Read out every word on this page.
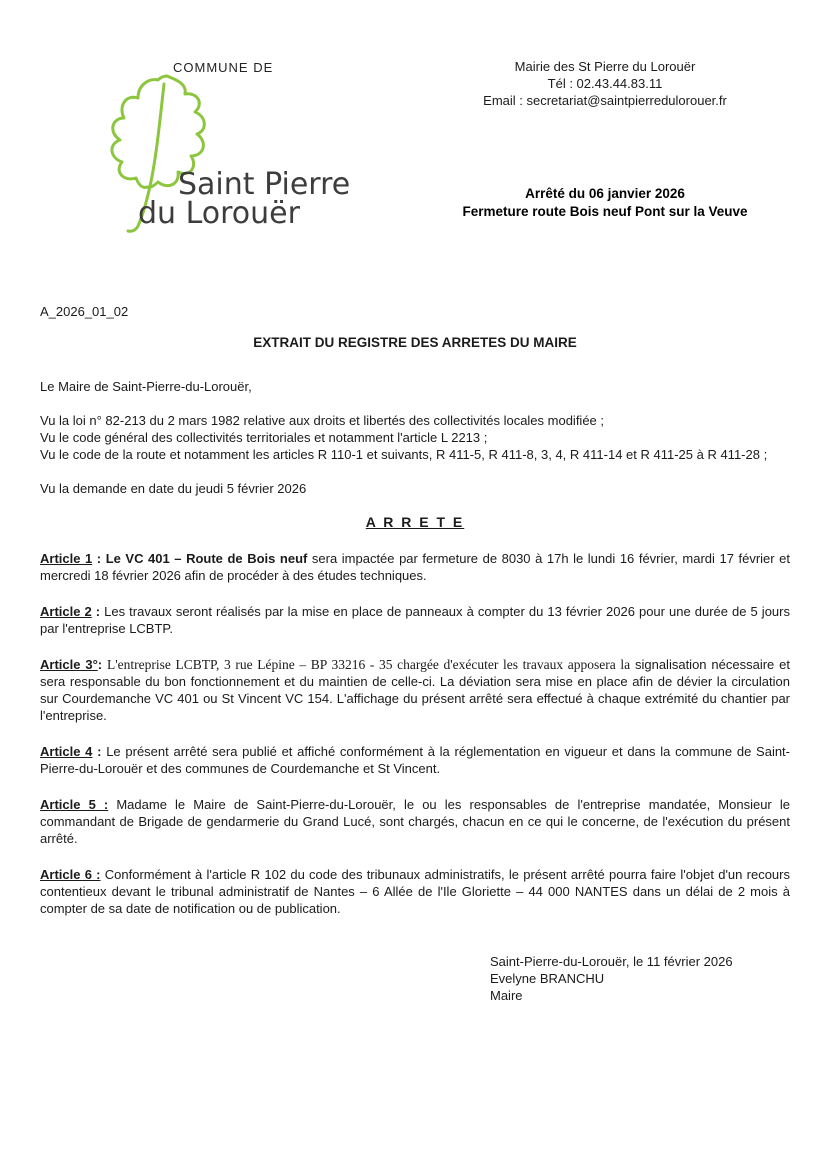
COMMUNE DE
Saint Pierre
du Lorouër
Mairie des St Pierre du Lorouër
Tél : 02.43.44.83.11
Email : secretariat@saintpierredulorouer.fr
Arrêté du 06 janvier 2026
Fermeture route Bois neuf Pont sur la Veuve
A_2026_01_02
EXTRAIT DU REGISTRE DES ARRETES DU MAIRE
Le Maire de Saint-Pierre-du-Lorouër,
Vu la loi n° 82-213 du 2 mars 1982 relative aux droits et libertés des collectivités locales modifiée ;
Vu le code général des collectivités territoriales et notamment l'article L 2213 ;
Vu le code de la route et notamment les articles R 110-1 et suivants, R 411-5, R 411-8, 3, 4, R 411-14 et R 411-25 à R 411-28 ;
Vu la demande en date du jeudi 5 février 2026
A R R E T E

Article 1 : Le VC 401 – Route de Bois neuf sera impactée par fermeture de 8030 à 17h le lundi 16 février, mardi 17 février et mercredi 18 février 2026 afin de procéder à des études techniques.

Article 2 : Les travaux seront réalisés par la mise en place de panneaux à compter du 13 février 2026 pour une durée de 5 jours par l'entreprise LCBTP.

Article 3°: L'entreprise LCBTP, 3 rue Lépine – BP 33216 - 35 chargée d'exécuter les travaux apposera la signalisation nécessaire et sera responsable du bon fonctionnement et du maintien de celle-ci. La déviation sera mise en place afin de dévier la circulation sur Courdemanche VC 401 ou St Vincent VC 154. L'affichage du présent arrêté sera effectué à chaque extrémité du chantier par l'entreprise.

Article 4 : Le présent arrêté sera publié et affiché conformément à la réglementation en vigueur et dans la commune de Saint-Pierre-du-Lorouër et des communes de Courdemanche et St Vincent.

Article 5 : Madame le Maire de Saint-Pierre-du-Lorouër, le ou les responsables de l'entreprise mandatée, Monsieur le commandant de Brigade de gendarmerie du Grand Lucé, sont chargés, chacun en ce qui le concerne, de l'exécution du présent arrêté.

Article 6 : Conformément à l'article R 102 du code des tribunaux administratifs, le présent arrêté pourra faire l'objet d'un recours contentieux devant le tribunal administratif de Nantes – 6 Allée de l'Ile Gloriette – 44 000 NANTES dans un délai de 2 mois à compter de sa date de notification ou de publication.

Saint-Pierre-du-Lorouër, le 11 février 2026
Evelyne BRANCHU
Maire
